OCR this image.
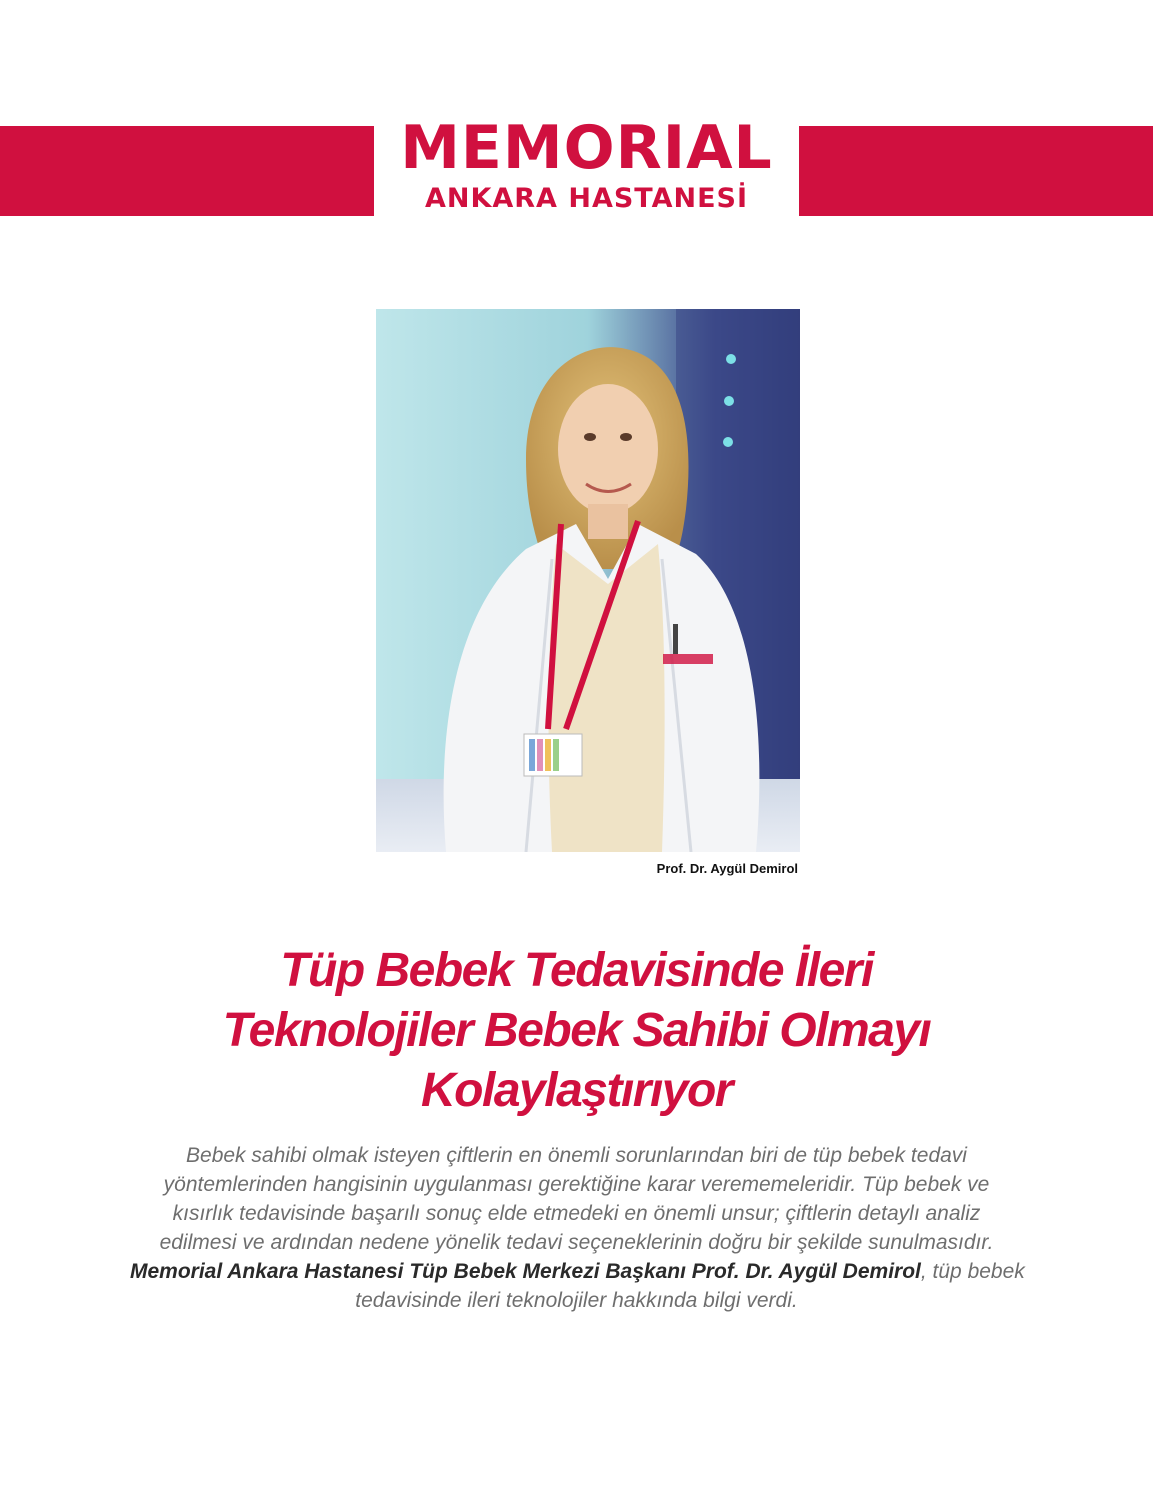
MEMORIAL
ANKARA HASTANESİ
Prof. Dr. Aygül Demirol
Tüp Bebek Tedavisinde İleri
Teknolojiler Bebek Sahibi Olmayı
Kolaylaştırıyor
Bebek sahibi olmak isteyen çiftlerin en önemli sorunlarından biri de tüp bebek tedavi
yöntemlerinden hangisinin uygulanması gerektiğine karar verememeleridir. Tüp bebek ve
kısırlık tedavisinde başarılı sonuç elde etmedeki en önemli unsur; çiftlerin detaylı analiz
edilmesi ve ardından nedene yönelik tedavi seçeneklerinin doğru bir şekilde sunulmasıdır.
Memorial Ankara Hastanesi Tüp Bebek Merkezi Başkanı Prof. Dr. Aygül Demirol, tüp bebek
tedavisinde ileri teknolojiler hakkında bilgi verdi.
